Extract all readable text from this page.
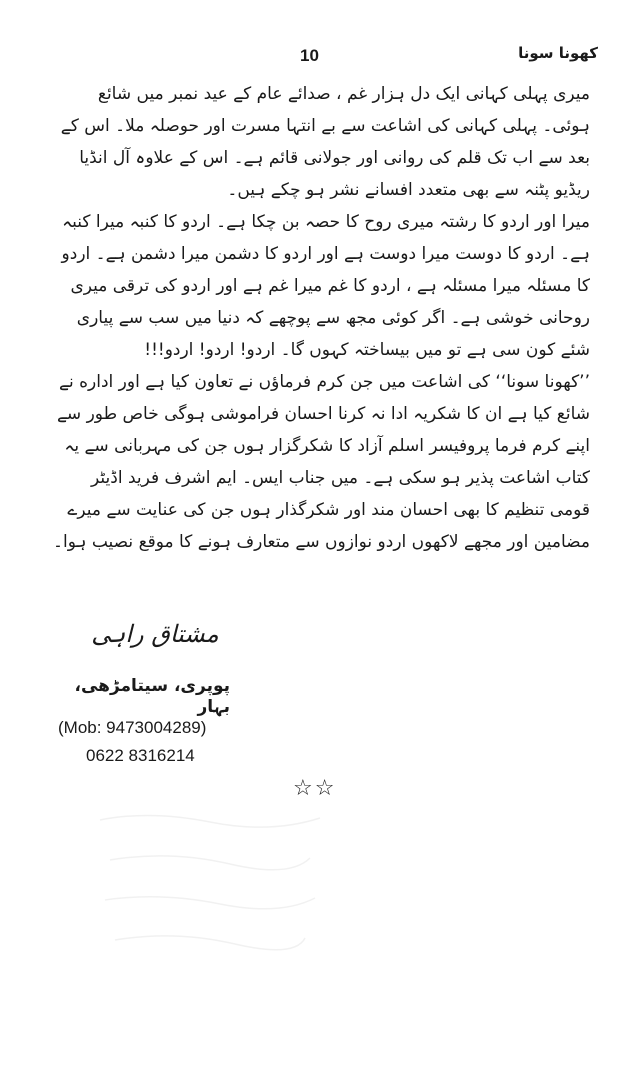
10	کھونا سونا

میری پہلی کہانی ایک دل ہزار غم ، صدائے عام کے عید نمبر میں شائع ہوئی۔ پہلی کہانی کی اشاعت سے بے انتہا مسرت اور حوصلہ ملا۔ اس کے بعد سے اب تک قلم کی روانی اور جولانی قائم ہے۔ اس کے علاوہ آل انڈیا ریڈیو پٹنہ سے بھی متعدد افسانے نشر ہو چکے ہیں۔

میرا اور اردو کا رشتہ میری روح کا حصہ بن چکا ہے۔ اردو کا کنبہ میرا کنبہ ہے۔ اردو کا دوست میرا دوست ہے اور اردو کا دشمن میرا دشمن ہے۔ اردو کا مسئلہ میرا مسئلہ ہے ، اردو کا غم میرا غم ہے اور اردو کی ترقی میری روحانی خوشی ہے۔ اگر کوئی مجھ سے پوچھے کہ دنیا میں سب سے پیاری شئے کون سی ہے تو میں بیساختہ کہوں گا۔ اردو! اردو! اردو!!!

’’کھونا سونا‘‘ کی اشاعت میں جن کرم فرماؤں نے تعاون کیا ہے اور اداره نے شائع کیا ہے ان کا شکریہ ادا نہ کرنا احسان فراموشی ہوگی خاص طور سے اپنے کرم فرما پروفیسر اسلم آزاد کا شکرگزار ہوں جن کی مہربانی سے یہ کتاب اشاعت پذیر ہو سکی ہے۔ میں جناب ایس۔ ایم اشرف فرید اڈیٹر قومی تنظیم کا بھی احسان مند اور شکرگذار ہوں جن کی عنایت سے میرے مضامین اور مجھے لاکھوں اردو نوازوں سے متعارف ہونے کا موقع نصیب ہوا۔

مشتاق راہی
پوپری، سیتامڑھی، بہار
(Mob: 9473004289)
0622 8316214
☆☆
